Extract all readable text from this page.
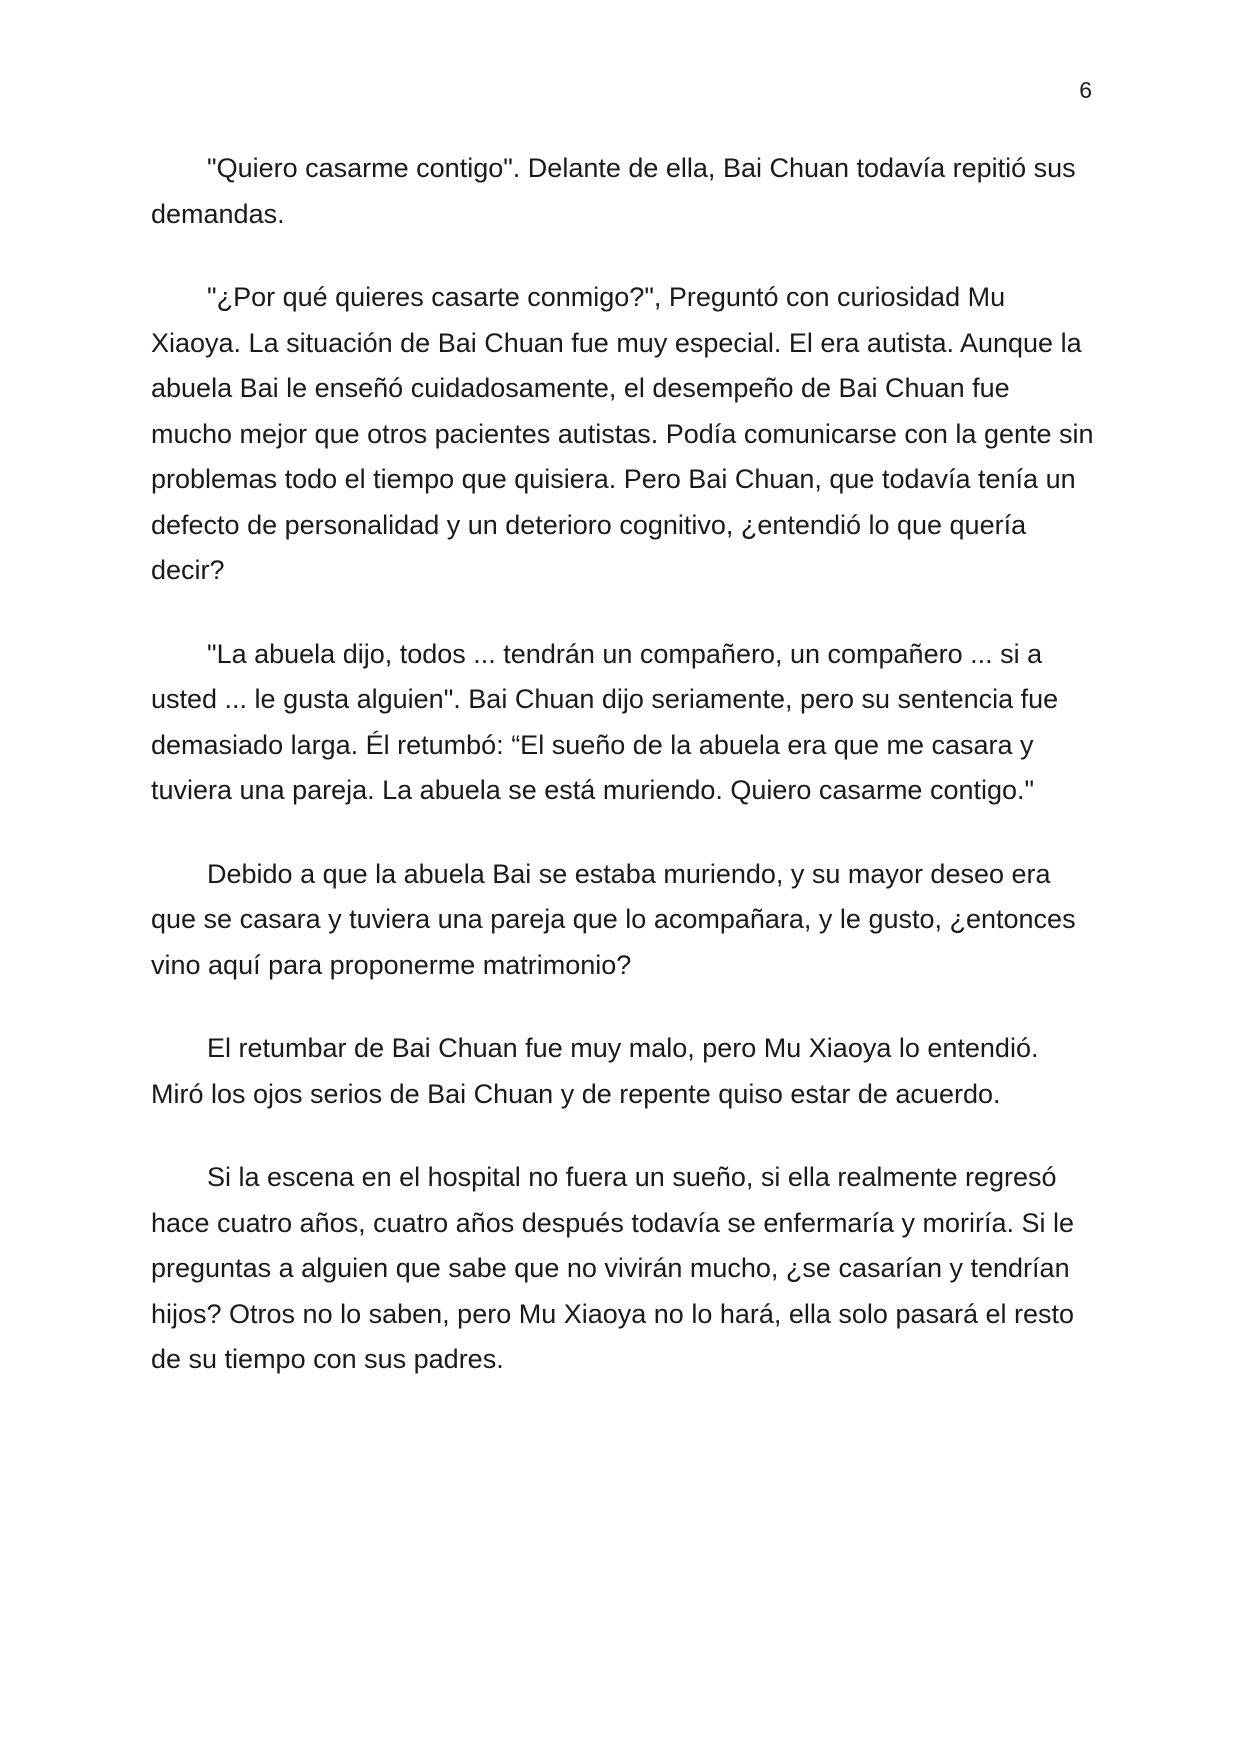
6

"Quiero casarme contigo". Delante de ella, Bai Chuan todavía repitió sus demandas.

"¿Por qué quieres casarte conmigo?", Preguntó con curiosidad Mu Xiaoya. La situación de Bai Chuan fue muy especial. El era autista. Aunque la abuela Bai le enseñó cuidadosamente, el desempeño de Bai Chuan fue mucho mejor que otros pacientes autistas. Podía comunicarse con la gente sin problemas todo el tiempo que quisiera. Pero Bai Chuan, que todavía tenía un defecto de personalidad y un deterioro cognitivo, ¿entendió lo que quería decir?

"La abuela dijo, todos ... tendrán un compañero, un compañero ... si a usted ... le gusta alguien". Bai Chuan dijo seriamente, pero su sentencia fue demasiado larga. Él retumbó: “El sueño de la abuela era que me casara y tuviera una pareja. La abuela se está muriendo. Quiero casarme contigo."

Debido a que la abuela Bai se estaba muriendo, y su mayor deseo era que se casara y tuviera una pareja que lo acompañara, y le gusto, ¿entonces vino aquí para proponerme matrimonio?

El retumbar de Bai Chuan fue muy malo, pero Mu Xiaoya lo entendió. Miró los ojos serios de Bai Chuan y de repente quiso estar de acuerdo.

Si la escena en el hospital no fuera un sueño, si ella realmente regresó hace cuatro años, cuatro años después todavía se enfermaría y moriría. Si le preguntas a alguien que sabe que no vivirán mucho, ¿se casarían y tendrían hijos? Otros no lo saben, pero Mu Xiaoya no lo hará, ella solo pasará el resto de su tiempo con sus padres.
